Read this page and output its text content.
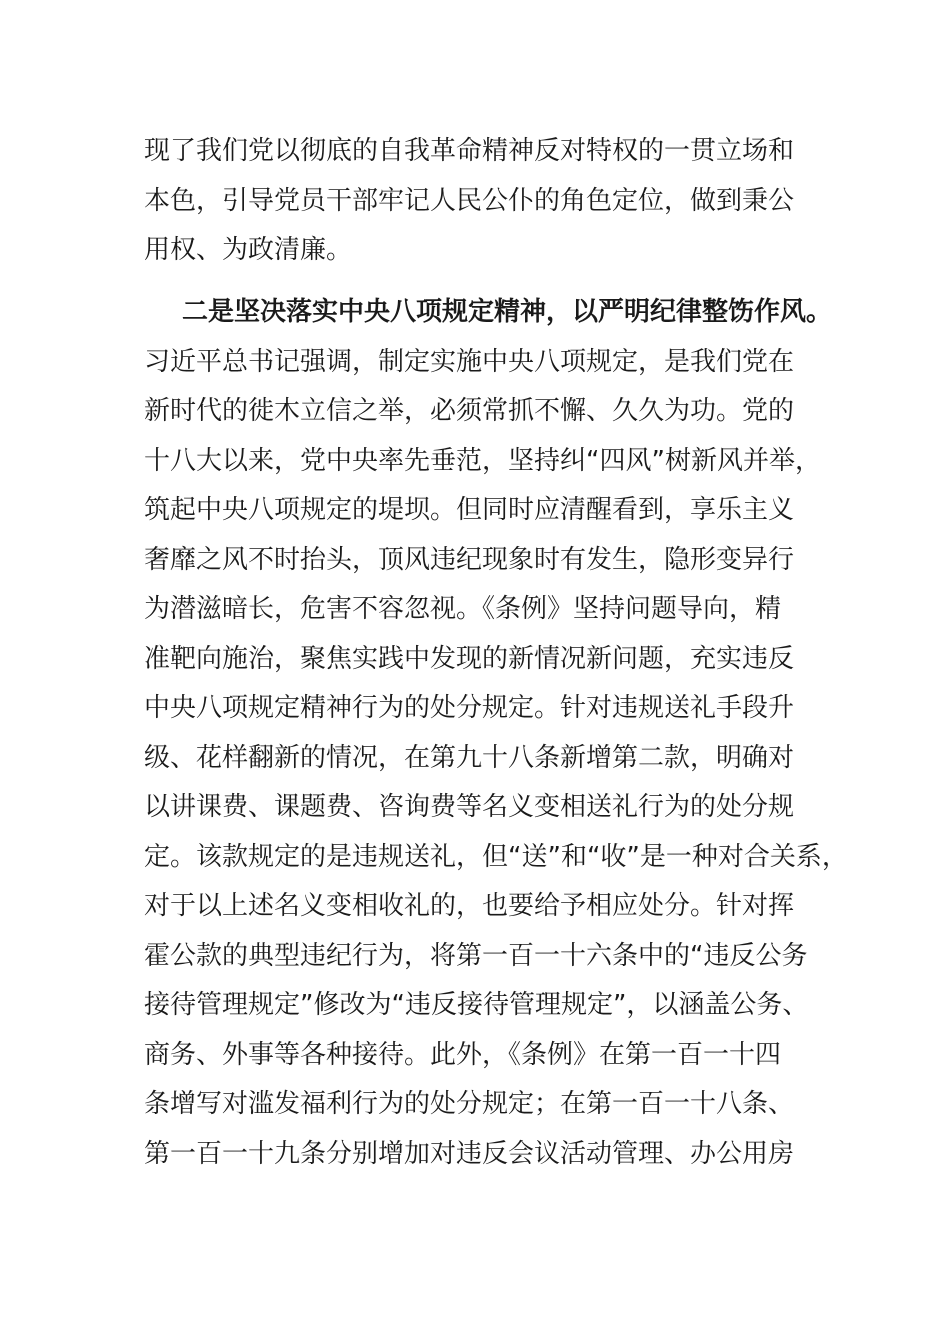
现了我们党以彻底的自我革命精神反对特权的一贯立场和
本色，引导党员干部牢记人民公仆的角色定位，做到秉公
用权、为政清廉。
二是坚决落实中央八项规定精神，以严明纪律整饬作风。
习近平总书记强调，制定实施中央八项规定，是我们党在
新时代的徙木立信之举，必须常抓不懈、久久为功。党的
十八大以来，党中央率先垂范，坚持纠“四风”树新风并举，
筑起中央八项规定的堤坝。但同时应清醒看到，享乐主义
奢靡之风不时抬头，顶风违纪现象时有发生，隐形变异行
为潜滋暗长，危害不容忽视。《条例》坚持问题导向，精
准靶向施治，聚焦实践中发现的新情况新问题，充实违反
中央八项规定精神行为的处分规定。针对违规送礼手段升
级、花样翻新的情况，在第九十八条新增第二款，明确对
以讲课费、课题费、咨询费等名义变相送礼行为的处分规
定。该款规定的是违规送礼，但“送”和“收”是一种对合关系，
对于以上述名义变相收礼的，也要给予相应处分。针对挥
霍公款的典型违纪行为，将第一百一十六条中的“违反公务
接待管理规定”修改为“违反接待管理规定”，以涵盖公务、
商务、外事等各种接待。此外，《条例》在第一百一十四
条增写对滥发福利行为的处分规定；在第一百一十八条、
第一百一十九条分别增加对违反会议活动管理、办公用房
